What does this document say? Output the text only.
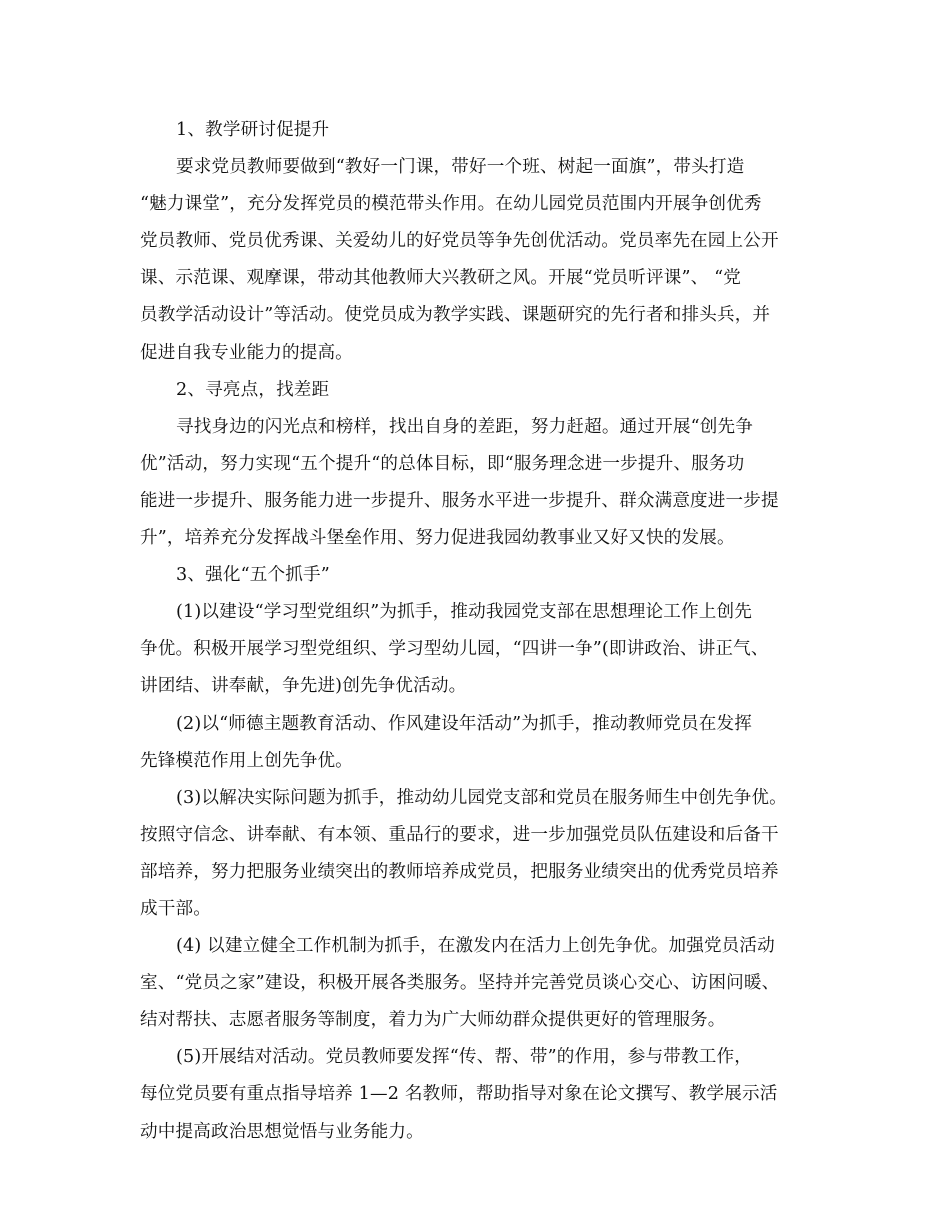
1、教学研讨促提升
要求党员教师要做到“教好一门课，带好一个班、树起一面旗”，带头打造
“魅力课堂”，充分发挥党员的模范带头作用。在幼儿园党员范围内开展争创优秀
党员教师、党员优秀课、关爱幼儿的好党员等争先创优活动。党员率先在园上公开
课、示范课、观摩课，带动其他教师大兴教研之风。开展“党员听评课”、 “党
员教学活动设计”等活动。使党员成为教学实践、课题研究的先行者和排头兵，并
促进自我专业能力的提高。
2、寻亮点，找差距
寻找身边的闪光点和榜样，找出自身的差距，努力赶超。通过开展“创先争
优”活动，努力实现“五个提升“的总体目标，即“服务理念进一步提升、服务功
能进一步提升、服务能力进一步提升、服务水平进一步提升、群众满意度进一步提
升”，培养充分发挥战斗堡垒作用、努力促进我园幼教事业又好又快的发展。
3、强化“五个抓手”
(1)以建设“学习型党组织”为抓手，推动我园党支部在思想理论工作上创先
争优。积极开展学习型党组织、学习型幼儿园，“四讲一争”(即讲政治、讲正气、
讲团结、讲奉献，争先进)创先争优活动。
(2)以“师德主题教育活动、作风建设年活动”为抓手，推动教师党员在发挥
先锋模范作用上创先争优。
(3)以解决实际问题为抓手，推动幼儿园党支部和党员在服务师生中创先争优。
按照守信念、讲奉献、有本领、重品行的要求，进一步加强党员队伍建设和后备干
部培养，努力把服务业绩突出的教师培养成党员，把服务业绩突出的优秀党员培养
成干部。
(4) 以建立健全工作机制为抓手，在激发内在活力上创先争优。加强党员活动
室、“党员之家”建设，积极开展各类服务。坚持并完善党员谈心交心、访困问暖、
结对帮扶、志愿者服务等制度，着力为广大师幼群众提供更好的管理服务。
(5)开展结对活动。党员教师要发挥“传、帮、带”的作用，参与带教工作，
每位党员要有重点指导培养 1—2 名教师，帮助指导对象在论文撰写、教学展示活
动中提高政治思想觉悟与业务能力。
